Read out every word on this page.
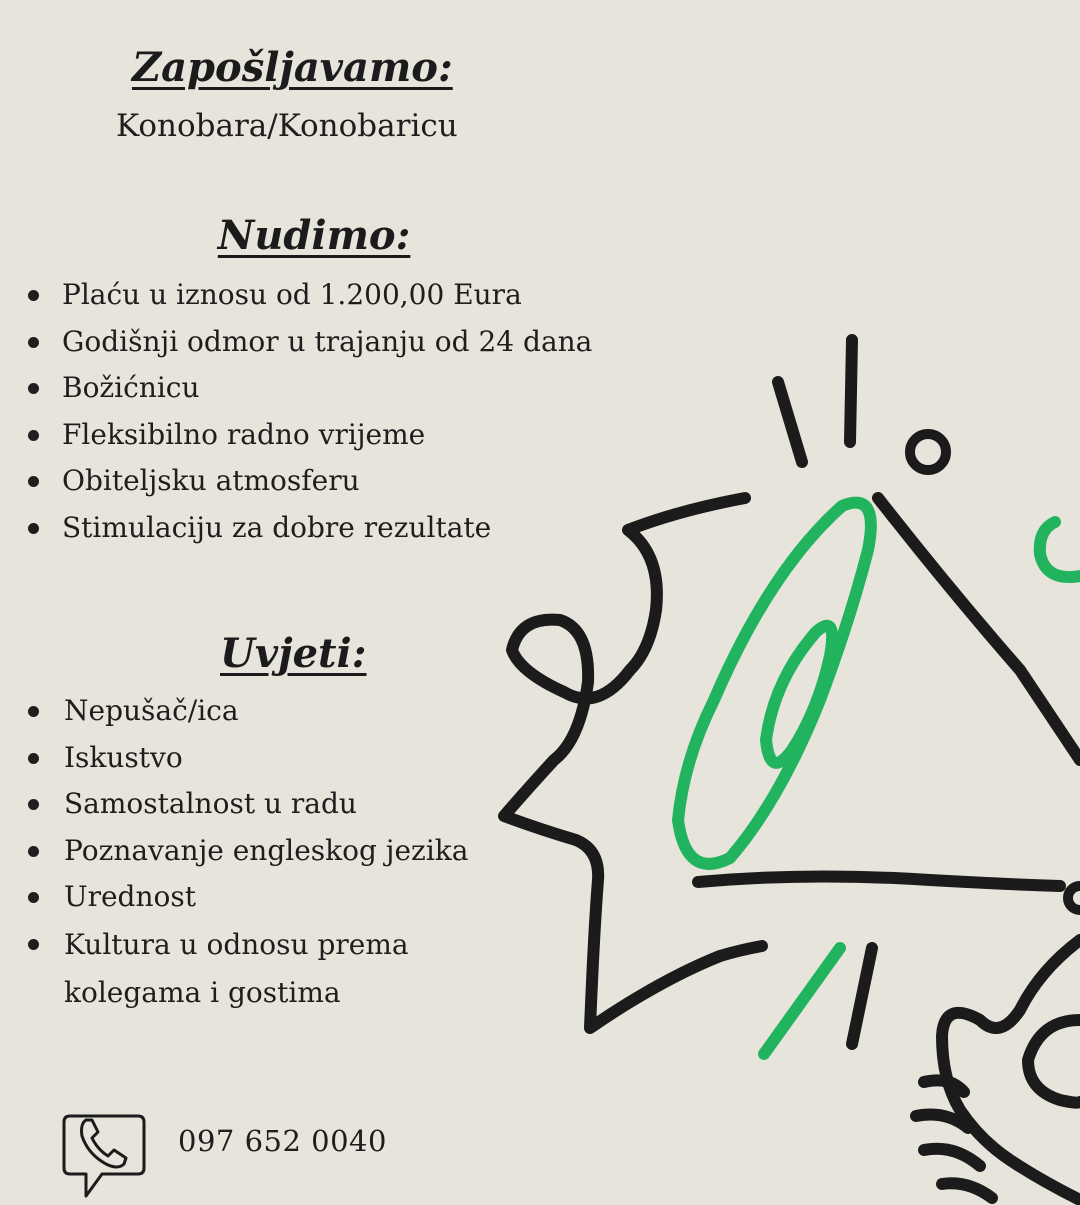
Zapošljavamo:

Konobara/Konobaricu

Nudimo:
Plaću u iznosu od 1.200,00 Eura
Godišnji odmor u trajanju od 24 dana
Božićnicu
Fleksibilno radno vrijeme
Obiteljsku atmosferu
Stimulaciju za dobre rezultate
Uvjeti:
Nepušač/ica
Iskustvo
Samostalnost u radu
Poznavanje engleskog jezika
Urednost
Kultura u odnosu prema kolegama i gostima
097 652 0040
